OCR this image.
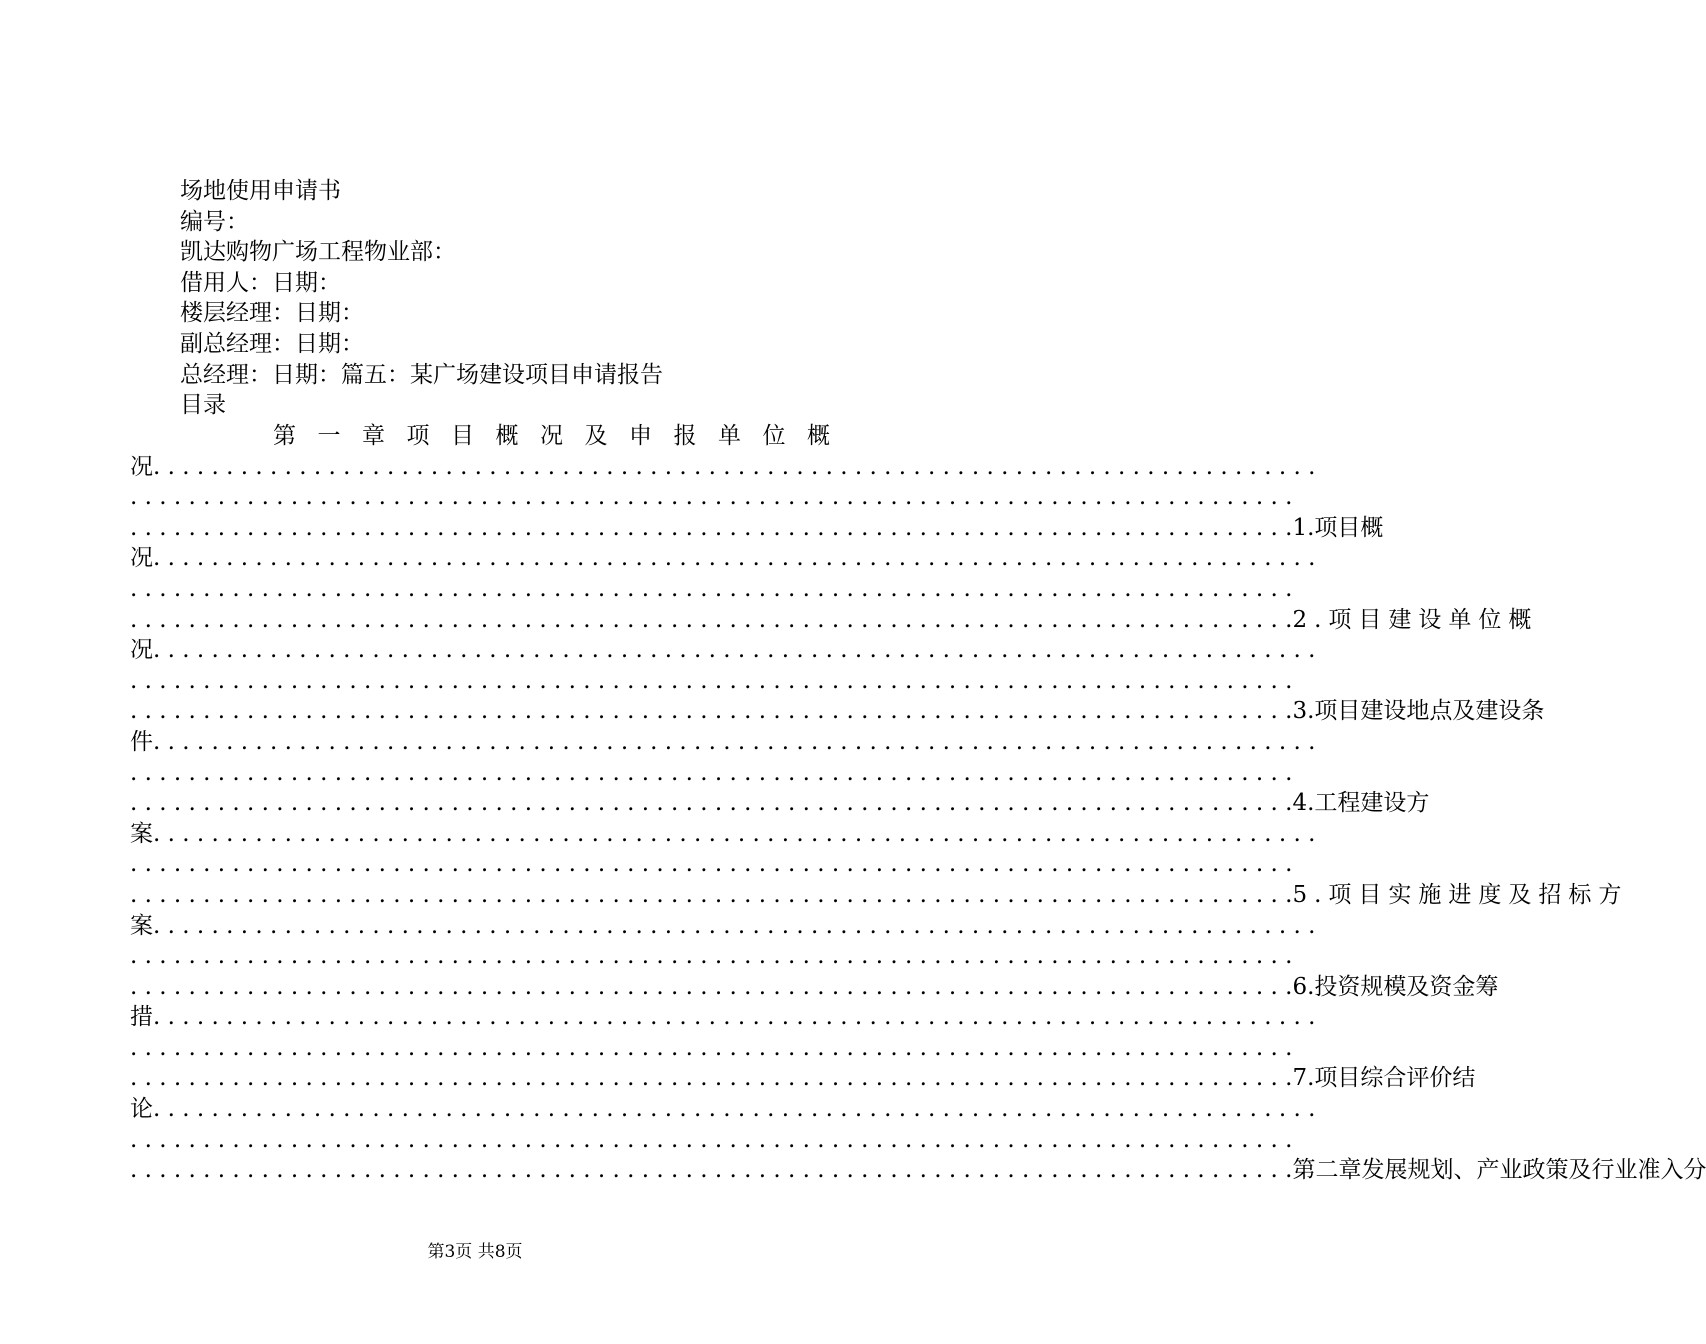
场地使用申请书
编号：
凯达购物广场工程物业部：
借用人：日期：
楼层经理：日期：
副总经理：日期：
总经理：日期：篇五：某广场建设项目申请报告
目录
第 一 章 项 目 概 况 及 申 报 单 位 概
况 . . . . . . . . . . . . . . . . . . . . . . . . . . . . . . . . . . . . . . . . . . . . . . . . . . . . . . . . . . . . . . . . . . . . . . . . . . . . . . . .
. . . . . . . . . . . . . . . . . . . . . . . . . . . . . . . . . . . . . . . . . . . . . . . . . . . . . . . . . . . . . . . . . . . . . . . . . . . . . . . .
. . . . . . . . . . . . . . . . . . . . . . . . . . . . . . . . . . . . . . . . . . . . . . . . . . . . . . . . . . . . . . . . . . . . . . . . . . . . . . . . 1. 项 目 概
况 . . . . . . . . . . . . . . . . . . . . . . . . . . . . . . . . . . . . . . . . . . . . . . . . . . . . . . . . . . . . . . . . . . . . . . . . . . . . . . . .
. . . . . . . . . . . . . . . . . . . . . . . . . . . . . . . . . . . . . . . . . . . . . . . . . . . . . . . . . . . . . . . . . . . . . . . . . . . . . . . .
. . . . . . . . . . . . . . . . . . . . . . . . . . . . . . . . . . . . . . . . . . . . . . . . . . . . . . . . . . . . . . . . . . . . . . . . . . . . . . . . 2.项目建设单位概
况 . . . . . . . . . . . . . . . . . . . . . . . . . . . . . . . . . . . . . . . . . . . . . . . . . . . . . . . . . . . . . . . . . . . . . . . . . . . . . . . .
. . . . . . . . . . . . . . . . . . . . . . . . . . . . . . . . . . . . . . . . . . . . . . . . . . . . . . . . . . . . . . . . . . . . . . . . . . . . . . . .
. . . . . . . . . . . . . . . . . . . . . . . . . . . . . . . . . . . . . . . . . . . . . . . . . . . . . . . . . . . . . . . . . . . . . . . . . . . . . . . . 3. 项 目 建 设 地 点 及 建 设 条
件 . . . . . . . . . . . . . . . . . . . . . . . . . . . . . . . . . . . . . . . . . . . . . . . . . . . . . . . . . . . . . . . . . . . . . . . . . . . . . . . .
. . . . . . . . . . . . . . . . . . . . . . . . . . . . . . . . . . . . . . . . . . . . . . . . . . . . . . . . . . . . . . . . . . . . . . . . . . . . . . . .
. . . . . . . . . . . . . . . . . . . . . . . . . . . . . . . . . . . . . . . . . . . . . . . . . . . . . . . . . . . . . . . . . . . . . . . . . . . . . . . . 4. 工 程 建 设 方
案 . . . . . . . . . . . . . . . . . . . . . . . . . . . . . . . . . . . . . . . . . . . . . . . . . . . . . . . . . . . . . . . . . . . . . . . . . . . . . . . .
. . . . . . . . . . . . . . . . . . . . . . . . . . . . . . . . . . . . . . . . . . . . . . . . . . . . . . . . . . . . . . . . . . . . . . . . . . . . . . . .
. . . . . . . . . . . . . . . . . . . . . . . . . . . . . . . . . . . . . . . . . . . . . . . . . . . . . . . . . . . . . . . . . . . . . . . . . . . . . . . . 5.项目实施进度及招标方
案 . . . . . . . . . . . . . . . . . . . . . . . . . . . . . . . . . . . . . . . . . . . . . . . . . . . . . . . . . . . . . . . . . . . . . . . . . . . . . . . .
. . . . . . . . . . . . . . . . . . . . . . . . . . . . . . . . . . . . . . . . . . . . . . . . . . . . . . . . . . . . . . . . . . . . . . . . . . . . . . . .
. . . . . . . . . . . . . . . . . . . . . . . . . . . . . . . . . . . . . . . . . . . . . . . . . . . . . . . . . . . . . . . . . . . . . . . . . . . . . . . . 6. 投 资 规 模 及 资 金 筹
措 . . . . . . . . . . . . . . . . . . . . . . . . . . . . . . . . . . . . . . . . . . . . . . . . . . . . . . . . . . . . . . . . . . . . . . . . . . . . . . . .
. . . . . . . . . . . . . . . . . . . . . . . . . . . . . . . . . . . . . . . . . . . . . . . . . . . . . . . . . . . . . . . . . . . . . . . . . . . . . . . .
. . . . . . . . . . . . . . . . . . . . . . . . . . . . . . . . . . . . . . . . . . . . . . . . . . . . . . . . . . . . . . . . . . . . . . . . . . . . . . . . 7. 项 目 综 合 评 价 结
论 . . . . . . . . . . . . . . . . . . . . . . . . . . . . . . . . . . . . . . . . . . . . . . . . . . . . . . . . . . . . . . . . . . . . . . . . . . . . . . . .
. . . . . . . . . . . . . . . . . . . . . . . . . . . . . . . . . . . . . . . . . . . . . . . . . . . . . . . . . . . . . . . . . . . . . . . . . . . . . . . .
. . . . . . . . . . . . . . . . . . . . . . . . . . . . . . . . . . . . . . . . . . . . . . . . . . . . . . . . . . . . . . . . . . . . . . . . . . . . . . . . 第二章发展规划、产业政策及行业准入分
第3页 共8页
